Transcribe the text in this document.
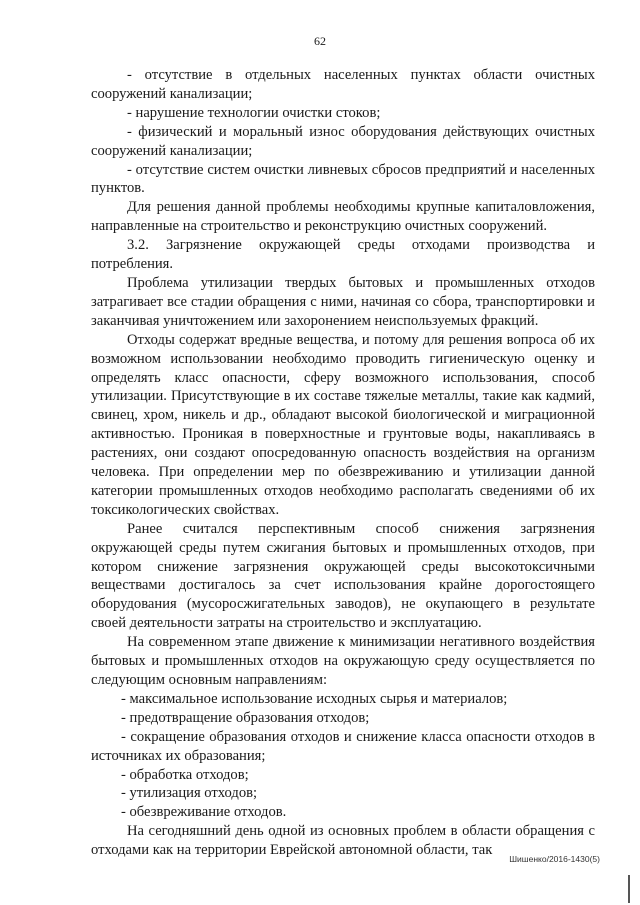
62

- отсутствие в отдельных населенных пунктах области очистных сооружений канализации;

- нарушение технологии очистки стоков;

- физический и моральный износ оборудования действующих очистных сооружений канализации;

- отсутствие систем очистки ливневых сбросов предприятий и населенных пунктов.

Для решения данной проблемы необходимы крупные капиталовложения, направленные на строительство и реконструкцию очистных сооружений.

3.2. Загрязнение окружающей среды отходами производства и потребления.

Проблема утилизации твердых бытовых и промышленных отходов затрагивает все стадии обращения с ними, начиная со сбора, транспортировки и заканчивая уничтожением или захоронением неиспользуемых фракций.

Отходы содержат вредные вещества, и потому для решения вопроса об их возможном использовании необходимо проводить гигиеническую оценку и определять класс опасности, сферу возможного использования, способ утилизации. Присутствующие в их составе тяжелые металлы, такие как кадмий, свинец, хром, никель и др., обладают высокой биологической и миграционной активностью. Проникая в поверхностные и грунтовые воды, накапливаясь в растениях, они создают опосредованную опасность воздействия на организм человека. При определении мер по обезвреживанию и утилизации данной категории промышленных отходов необходимо располагать сведениями об их токсикологических свойствах.

Ранее считался перспективным способ снижения загрязнения окружающей среды путем сжигания бытовых и промышленных отходов, при котором снижение загрязнения окружающей среды высокотоксичными веществами достигалось за счет использования крайне дорогостоящего оборудования (мусоросжигательных заводов), не окупающего в результате своей деятельности затраты на строительство и эксплуатацию.

На современном этапе движение к минимизации негативного воздействия бытовых и промышленных отходов на окружающую среду осуществляется по следующим основным направлениям:

- максимальное использование исходных сырья и материалов;

- предотвращение образования отходов;

- сокращение образования отходов и снижение класса опасности отходов в источниках их образования;

- обработка отходов;

- утилизация отходов;

- обезвреживание отходов.

На сегодняшний день одной из основных проблем в области обращения с отходами как на территории Еврейской автономной области, так

Шишенко/2016-1430(5)
